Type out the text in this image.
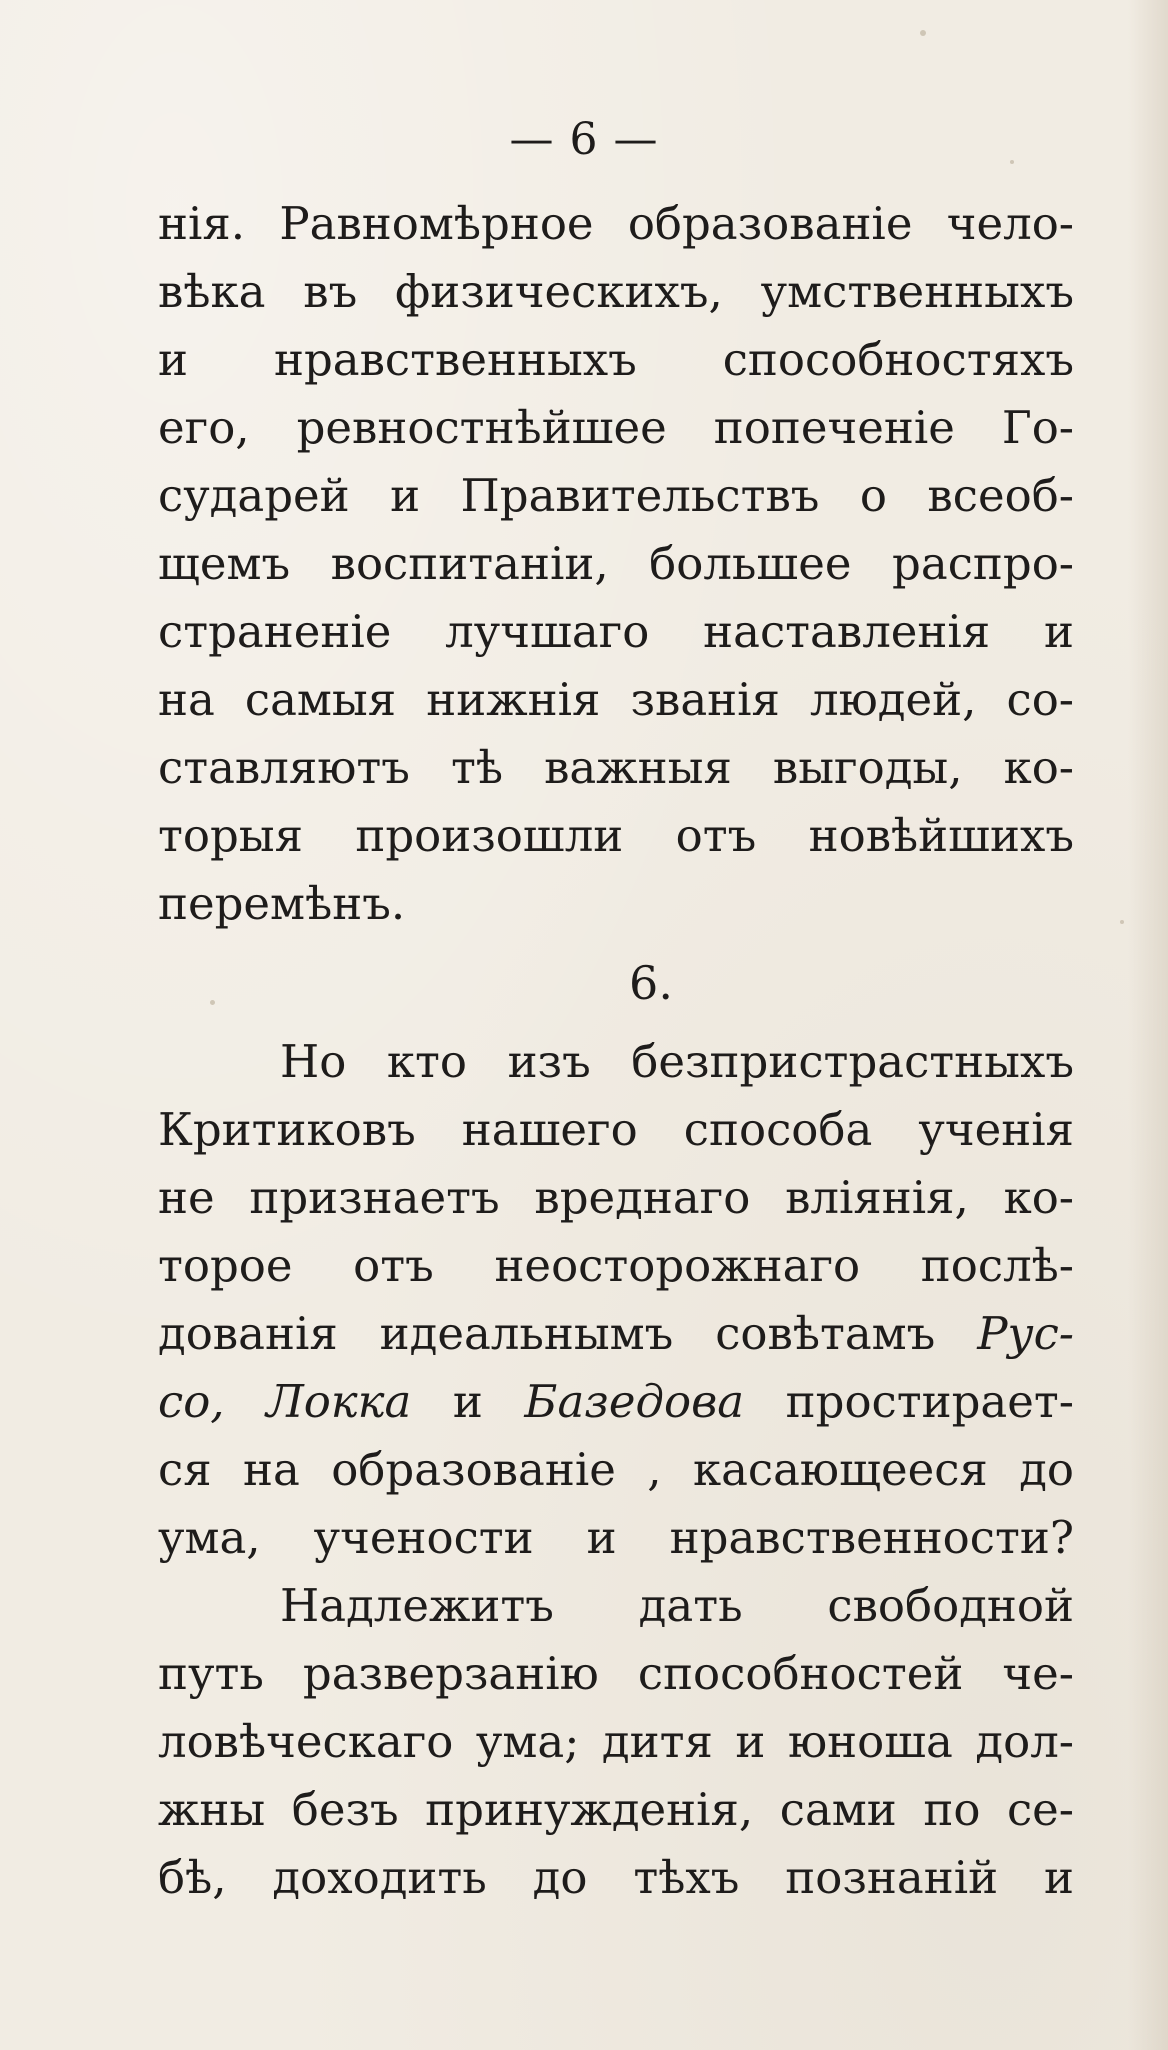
— 6 —
нія. Равномѣрное образованіе чело-
вѣка въ физическихъ, умственныхъ
и нравственныхъ способностяхъ
его, ревностнѣйшее попеченіе Го-
сударей и Правительствъ о всеоб-
щемъ воспитаніи, большее распро-
страненіе лучшаго наставленія и
на самыя нижнія званія людей, со-
ставляютъ тѣ важныя выгоды, ко-
торыя произошли отъ новѣйшихъ
перемѣнъ.
6.
Но кто изъ безпристрастныхъ
Критиковъ нашего способа ученія
не признаетъ вреднаго вліянія, ко-
торое отъ неосторожнаго послѣ-
дованія идеальнымъ совѣтамъ Рус-
со, Локка и Базедова простирает-
ся на образованіе , касающееся до
ума, учености и нравственности?
Надлежитъ дать свободной
путь разверзанію способностей че-
ловѣческаго ума; дитя и юноша дол-
жны безъ принужденія, сами по се-
бѣ, доходить до тѣхъ познаній и
